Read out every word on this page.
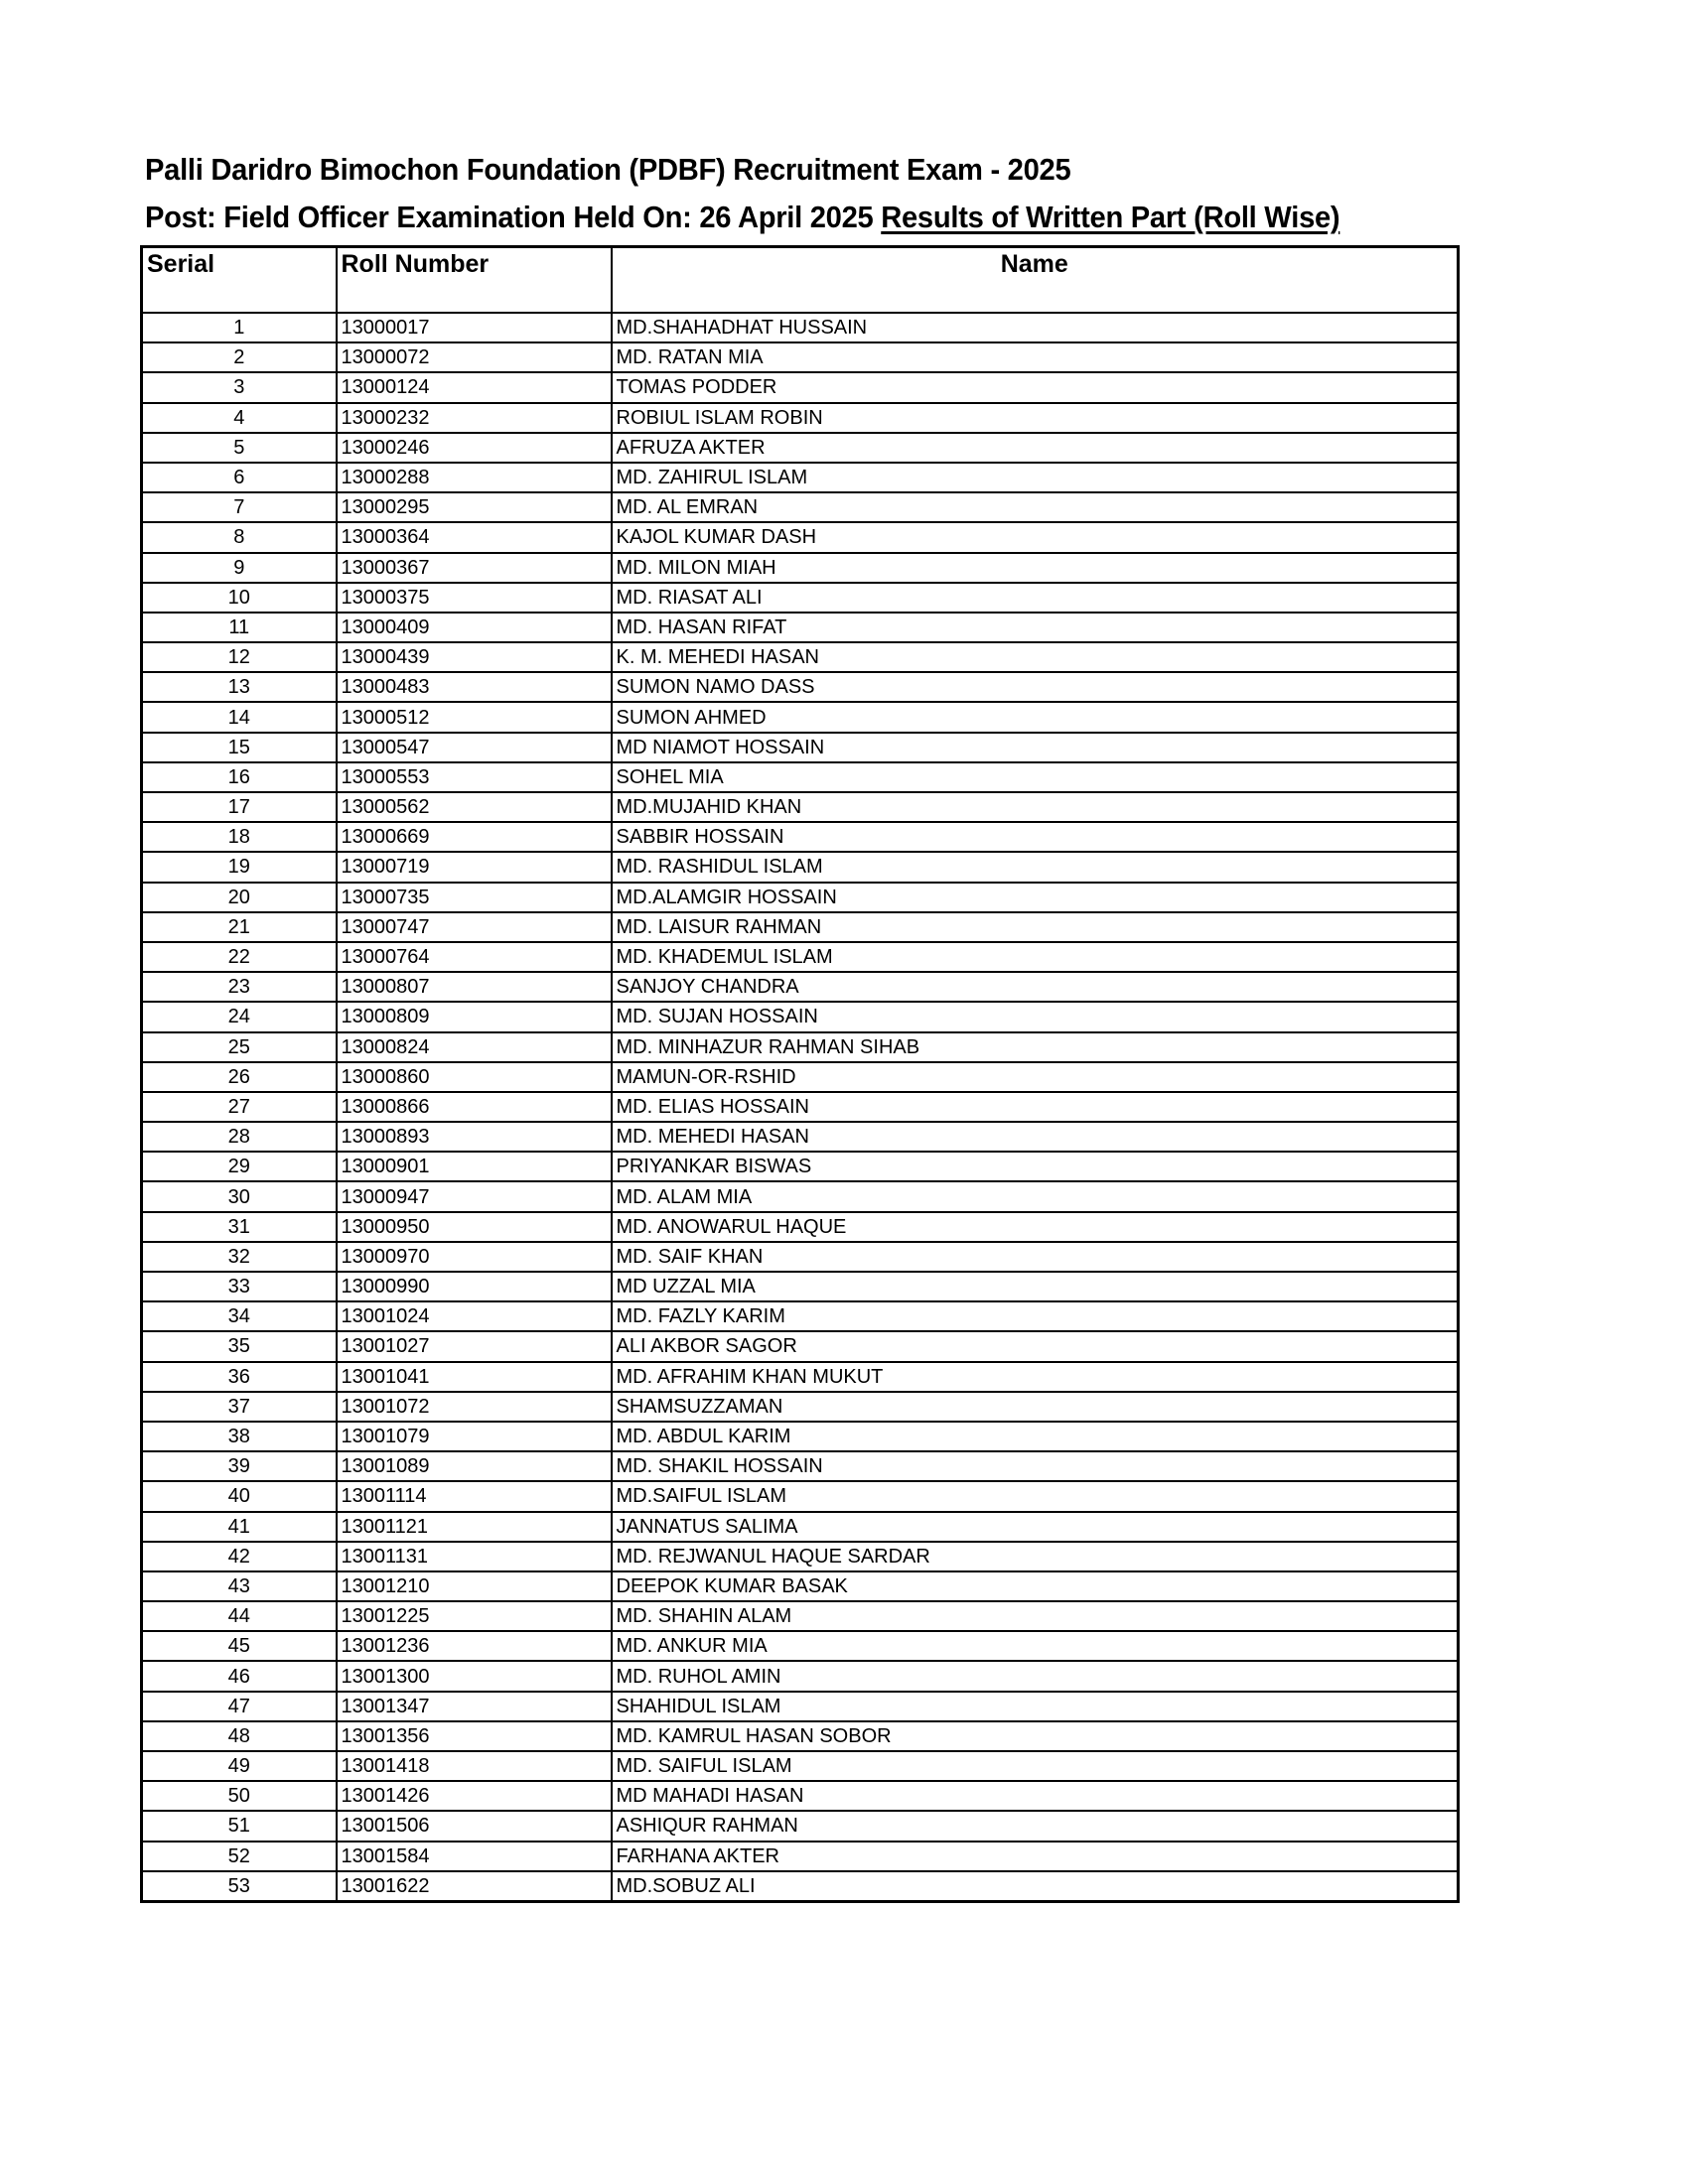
Palli Daridro Bimochon Foundation (PDBF) Recruitment Exam - 2025
Post: Field Officer Examination Held On: 26 April 2025 Results of Written Part (Roll Wise)
Serial	Roll Number	Name
1	13000017	MD.SHAHADHAT HUSSAIN
2	13000072	MD. RATAN MIA
3	13000124	TOMAS PODDER
4	13000232	ROBIUL ISLAM ROBIN
5	13000246	AFRUZA AKTER
6	13000288	MD. ZAHIRUL ISLAM
7	13000295	MD. AL EMRAN
8	13000364	KAJOL KUMAR DASH
9	13000367	MD. MILON MIAH
10	13000375	MD. RIASAT ALI
11	13000409	MD. HASAN RIFAT
12	13000439	K. M. MEHEDI HASAN
13	13000483	SUMON NAMO DASS
14	13000512	SUMON AHMED
15	13000547	MD NIAMOT HOSSAIN
16	13000553	SOHEL MIA
17	13000562	MD.MUJAHID KHAN
18	13000669	SABBIR HOSSAIN
19	13000719	MD. RASHIDUL ISLAM
20	13000735	MD.ALAMGIR HOSSAIN
21	13000747	MD. LAISUR RAHMAN
22	13000764	MD. KHADEMUL ISLAM
23	13000807	SANJOY CHANDRA
24	13000809	MD. SUJAN HOSSAIN
25	13000824	MD. MINHAZUR RAHMAN SIHAB
26	13000860	MAMUN-OR-RSHID
27	13000866	MD. ELIAS HOSSAIN
28	13000893	MD. MEHEDI HASAN
29	13000901	PRIYANKAR BISWAS
30	13000947	MD. ALAM MIA
31	13000950	MD. ANOWARUL HAQUE
32	13000970	MD. SAIF KHAN
33	13000990	MD UZZAL MIA
34	13001024	MD. FAZLY KARIM
35	13001027	ALI AKBOR SAGOR
36	13001041	MD. AFRAHIM KHAN MUKUT
37	13001072	SHAMSUZZAMAN
38	13001079	MD. ABDUL KARIM
39	13001089	MD. SHAKIL HOSSAIN
40	13001114	MD.SAIFUL ISLAM
41	13001121	JANNATUS SALIMA
42	13001131	MD. REJWANUL HAQUE SARDAR
43	13001210	DEEPOK KUMAR BASAK
44	13001225	MD. SHAHIN ALAM
45	13001236	MD. ANKUR MIA
46	13001300	MD. RUHOL AMIN
47	13001347	SHAHIDUL ISLAM
48	13001356	MD. KAMRUL HASAN SOBOR
49	13001418	MD. SAIFUL ISLAM
50	13001426	MD MAHADI HASAN
51	13001506	ASHIQUR RAHMAN
52	13001584	FARHANA AKTER
53	13001622	MD.SOBUZ ALI
